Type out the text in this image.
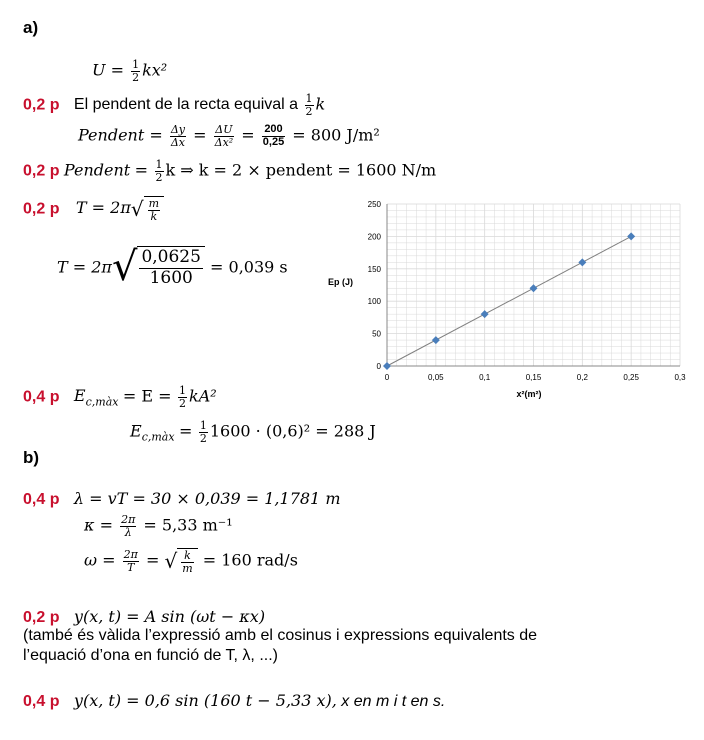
a)
$U = \frac{1}{2} kx^2$
0,2 p El pendent de la recta equival a $\frac{1}{2}$ k
Pendent = $\frac{\Delta y}{\Delta x} = \frac{\Delta U}{\text{Δx²}} = \frac{200}{0,25} = 800$ J/m²
0,2 p Pendent = $\frac{1}{2}$ k ⇒ k = 2 × pendent = 1600 N/m
0,2 p $T = 2\pi√ \frac{m}{k}$
$T = 2\pi√ \frac{0,0625}{1600} = 0,039$ s
0	0,05	0,1	0,15	0,2	0,25	0,3
0
50
100
150
200
250
Ep (J)
x²(m²)
0,4 p $E_{c,màx} = E = \frac{1}{2} kA^2$
$E_{c,màx} = \frac{1}{2} 1600 \cdot (0,6)^2 = 288$ J
b)
0,4 p λ = vT = 30 × 0,039 = 1,1781 m
$\kappa = \frac{2\pi}{\lambda} = 5,33$ m⁻¹
$\omega = \frac{2\pi}{T}$ = √ $\frac{k}{m} = 160$ rad/s
0,2 p y(x, t) = A sin (ωt − κx)
(també és vàlida l’expressió amb el cosinus i expressions equivalents de
l’equació d’ona en funció de T, λ, ...)
0,4 p y(x, t) = 0,6 sin (160 t − 5,33 x), x en m i t en s.
